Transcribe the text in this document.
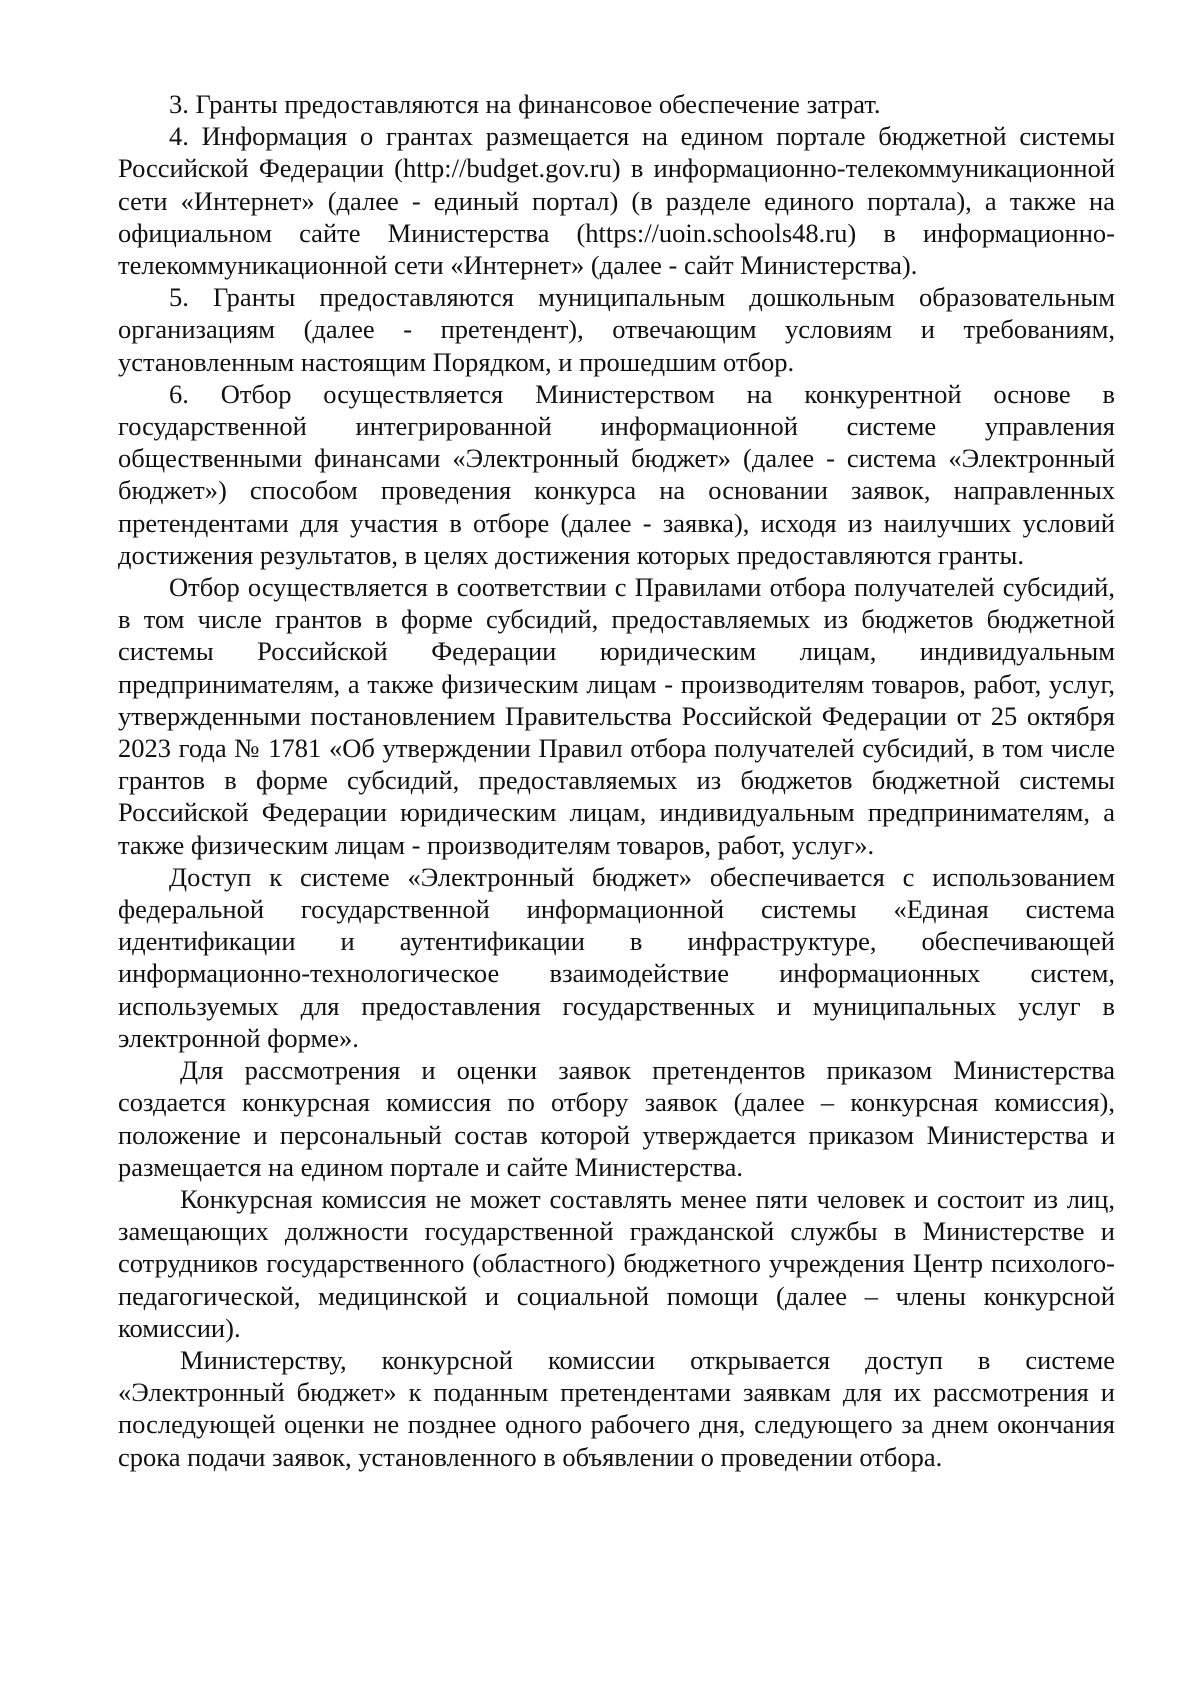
3. Гранты предоставляются на финансовое обеспечение затрат.

4. Информация о грантах размещается на едином портале бюджетной системы Российской Федерации (http://budget.gov.ru) в информационно-телекоммуникационной сети «Интернет» (далее - единый портал) (в разделе единого портала), а также на официальном сайте Министерства (https://uoin.schools48.ru) в информационно-телекоммуникационной сети «Интернет» (далее - сайт Министерства).

5. Гранты предоставляются муниципальным дошкольным образовательным организациям (далее - претендент), отвечающим условиям и требованиям, установленным настоящим Порядком, и прошедшим отбор.

6. Отбор осуществляется Министерством на конкурентной основе в государственной интегрированной информационной системе управления общественными финансами «Электронный бюджет» (далее - система «Электронный бюджет») способом проведения конкурса на основании заявок, направленных претендентами для участия в отборе (далее - заявка), исходя из наилучших условий достижения результатов, в целях достижения которых предоставляются гранты.

Отбор осуществляется в соответствии с Правилами отбора получателей субсидий, в том числе грантов в форме субсидий, предоставляемых из бюджетов бюджетной системы Российской Федерации юридическим лицам, индивидуальным предпринимателям, а также физическим лицам - производителям товаров, работ, услуг, утвержденными постановлением Правительства Российской Федерации от 25 октября 2023 года № 1781 «Об утверждении Правил отбора получателей субсидий, в том числе грантов в форме субсидий, предоставляемых из бюджетов бюджетной системы Российской Федерации юридическим лицам, индивидуальным предпринимателям, а также физическим лицам - производителям товаров, работ, услуг».

Доступ к системе «Электронный бюджет» обеспечивается с использованием федеральной государственной информационной системы «Единая система идентификации и аутентификации в инфраструктуре, обеспечивающей информационно-технологическое взаимодействие информационных систем, используемых для предоставления государственных и муниципальных услуг в электронной форме».

Для рассмотрения и оценки заявок претендентов приказом Министерства создается конкурсная комиссия по отбору заявок (далее – конкурсная комиссия), положение и персональный состав которой утверждается приказом Министерства и размещается на едином портале и сайте Министерства.

Конкурсная комиссия не может составлять менее пяти человек и состоит из лиц, замещающих должности государственной гражданской службы в Министерстве и сотрудников государственного (областного) бюджетного учреждения Центр психолого-педагогической, медицинской и социальной помощи (далее – члены конкурсной комиссии).

Министерству, конкурсной комиссии открывается доступ в системе «Электронный бюджет» к поданным претендентами заявкам для их рассмотрения и последующей оценки не позднее одного рабочего дня, следующего за днем окончания срока подачи заявок, установленного в объявлении о проведении отбора.
